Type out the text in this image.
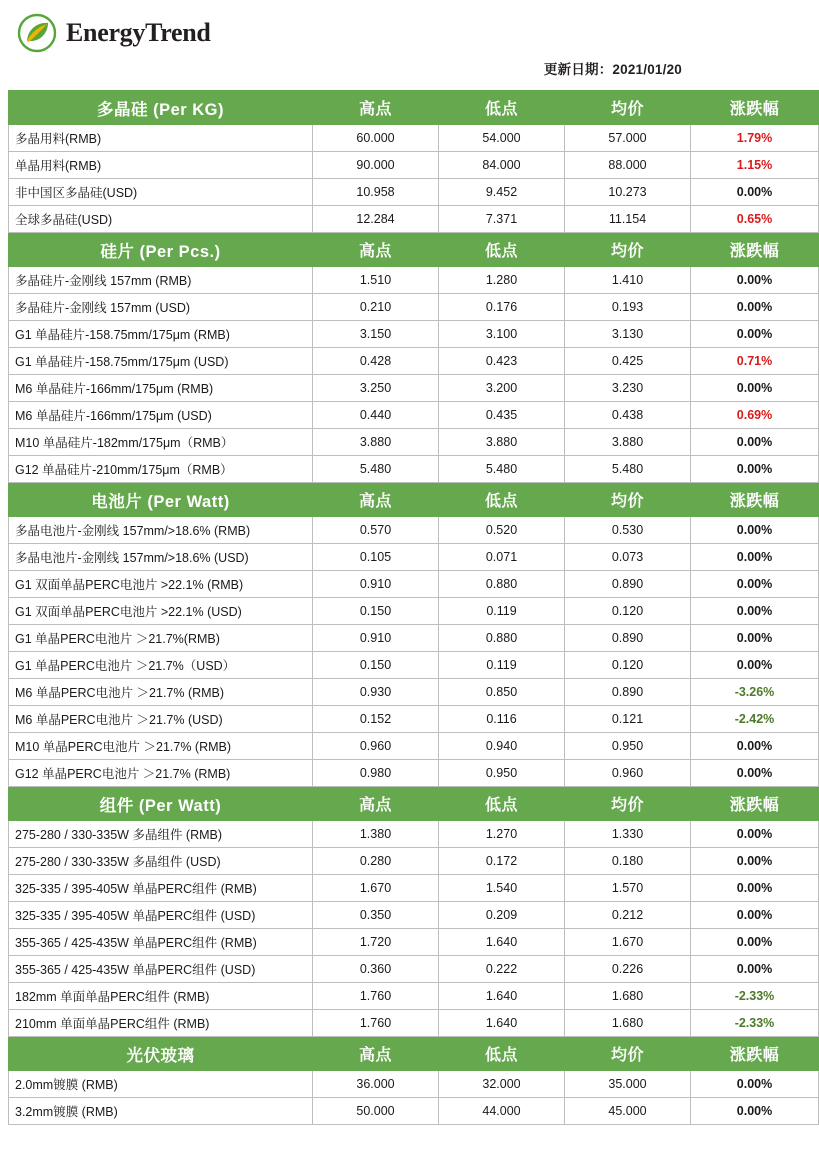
EnergyTrend
更新日期：2021/01/20
多晶硅 (Per KG)	高点	低点	均价	涨跌幅
多晶用料(RMB)	60.000	54.000	57.000	1.79%
单晶用料(RMB)	90.000	84.000	88.000	1.15%
非中国区多晶硅(USD)	10.958	9.452	10.273	0.00%
全球多晶硅(USD)	12.284	7.371	11.154	0.65%
硅片 (Per Pcs.)	高点	低点	均价	涨跌幅
多晶硅片-金刚线 157mm (RMB)	1.510	1.280	1.410	0.00%
多晶硅片-金刚线 157mm (USD)	0.210	0.176	0.193	0.00%
G1 单晶硅片-158.75mm/175μm (RMB)	3.150	3.100	3.130	0.00%
G1 单晶硅片-158.75mm/175μm (USD)	0.428	0.423	0.425	0.71%
M6 单晶硅片-166mm/175μm (RMB)	3.250	3.200	3.230	0.00%
M6 单晶硅片-166mm/175μm (USD)	0.440	0.435	0.438	0.69%
M10 单晶硅片-182mm/175μm（RMB）	3.880	3.880	3.880	0.00%
G12 单晶硅片-210mm/175μm（RMB）	5.480	5.480	5.480	0.00%
电池片 (Per Watt)	高点	低点	均价	涨跌幅
多晶电池片-金刚线 157mm/>18.6% (RMB)	0.570	0.520	0.530	0.00%
多晶电池片-金刚线 157mm/>18.6% (USD)	0.105	0.071	0.073	0.00%
G1 双面单晶PERC电池片 >22.1% (RMB)	0.910	0.880	0.890	0.00%
G1 双面单晶PERC电池片 >22.1% (USD)	0.150	0.119	0.120	0.00%
G1 单晶PERC电池片 ＞21.7%(RMB)	0.910	0.880	0.890	0.00%
G1 单晶PERC电池片 ＞21.7%（USD）	0.150	0.119	0.120	0.00%
M6 单晶PERC电池片 ＞21.7% (RMB)	0.930	0.850	0.890	-3.26%
M6 单晶PERC电池片 ＞21.7% (USD)	0.152	0.116	0.121	-2.42%
M10 单晶PERC电池片 ＞21.7% (RMB)	0.960	0.940	0.950	0.00%
G12 单晶PERC电池片 ＞21.7% (RMB)	0.980	0.950	0.960	0.00%
组件 (Per Watt)	高点	低点	均价	涨跌幅
275-280 / 330-335W 多晶组件 (RMB)	1.380	1.270	1.330	0.00%
275-280 / 330-335W 多晶组件 (USD)	0.280	0.172	0.180	0.00%
325-335 / 395-405W 单晶PERC组件 (RMB)	1.670	1.540	1.570	0.00%
325-335 / 395-405W 单晶PERC组件 (USD)	0.350	0.209	0.212	0.00%
355-365 / 425-435W 单晶PERC组件 (RMB)	1.720	1.640	1.670	0.00%
355-365 / 425-435W 单晶PERC组件 (USD)	0.360	0.222	0.226	0.00%
182mm 单面单晶PERC组件 (RMB)	1.760	1.640	1.680	-2.33%
210mm 单面单晶PERC组件 (RMB)	1.760	1.640	1.680	-2.33%
光伏玻璃	高点	低点	均价	涨跌幅
2.0mm镀膜 (RMB)	36.000	32.000	35.000	0.00%
3.2mm镀膜 (RMB)	50.000	44.000	45.000	0.00%
